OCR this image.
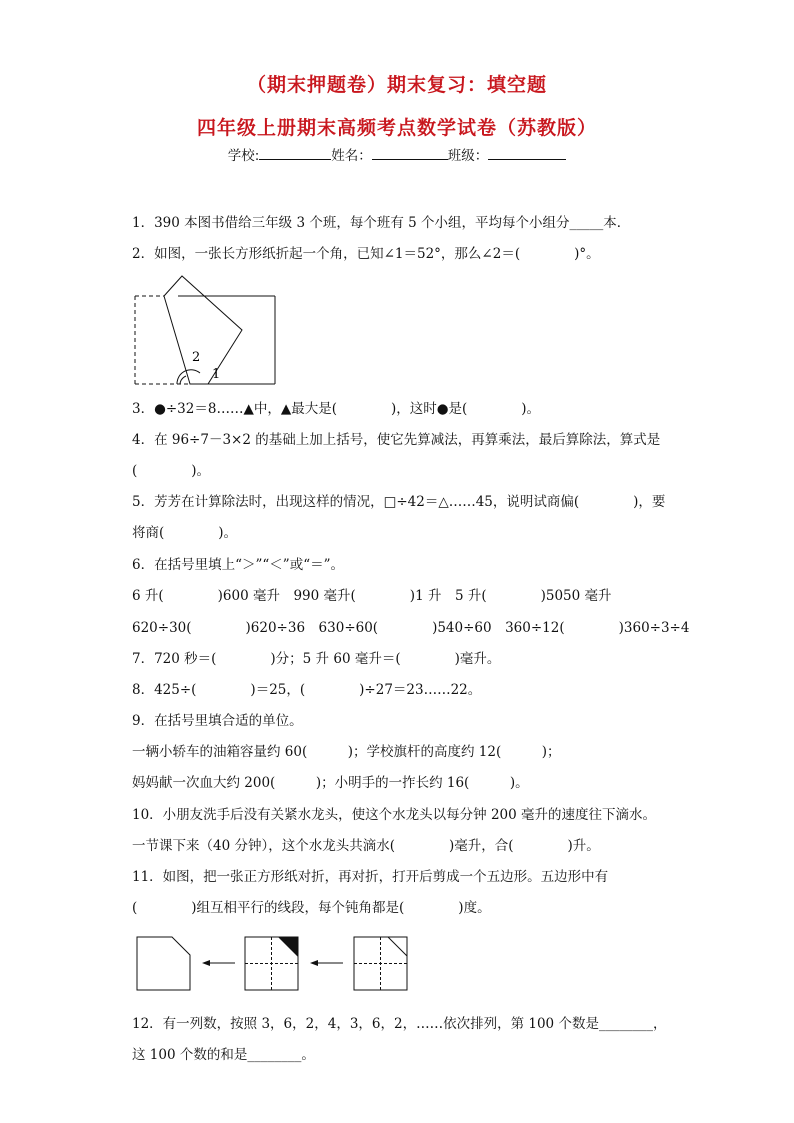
（期末押题卷）期末复习：填空题
四年级上册期末高频考点数学试卷（苏教版）
学校:	姓名：	班级：
1．390 本图书借给三年级 3 个班，每个班有 5 个小组，平均每个小组分_____本．
2．如图，一张长方形纸折起一个角，已知∠1＝52°，那么∠2＝(　　　　)°。
2
1
3．●÷32＝8……▲中，▲最大是(　　　　)，这时●是(　　　　)。
4．在 96÷7－3×2 的基础上加上括号，使它先算减法，再算乘法，最后算除法，算式是
(　　　　)。
5．芳芳在计算除法时，出现这样的情况，□÷42＝△……45，说明试商偏(　　　　)，要
将商(　　　　)。
6．在括号里填上“＞”“＜”或“＝”。
6 升(　　　　)600 毫升　990 毫升(　　　　)1 升　5 升(　　　　)5050 毫升
620÷30(　　　　)620÷36　630÷60(　　　　)540÷60　360÷12(　　　　)360÷3÷4
7．720 秒＝(　　　　)分；5 升 60 毫升＝(　　　　)毫升。
8．425÷(　　　　)＝25，(　　　　)÷27＝23……22。
9．在括号里填合适的单位。
一辆小轿车的油箱容量约 60(　　　)；学校旗杆的高度约 12(　　　)；
妈妈献一次血大约 200(　　　)；小明手的一拃长约 16(　　　)。
10．小朋友洗手后没有关紧水龙头，使这个水龙头以每分钟 200 毫升的速度往下滴水。
一节课下来（40 分钟），这个水龙头共滴水(　　　　)毫升，合(　　　　)升。
11．如图，把一张正方形纸对折，再对折，打开后剪成一个五边形。五边形中有
(　　　　)组互相平行的线段，每个钝角都是(　　　　)度。
12．有一列数，按照 3，6，2，4，3，6，2，……依次排列，第 100 个数是________，
这 100 个数的和是________。
